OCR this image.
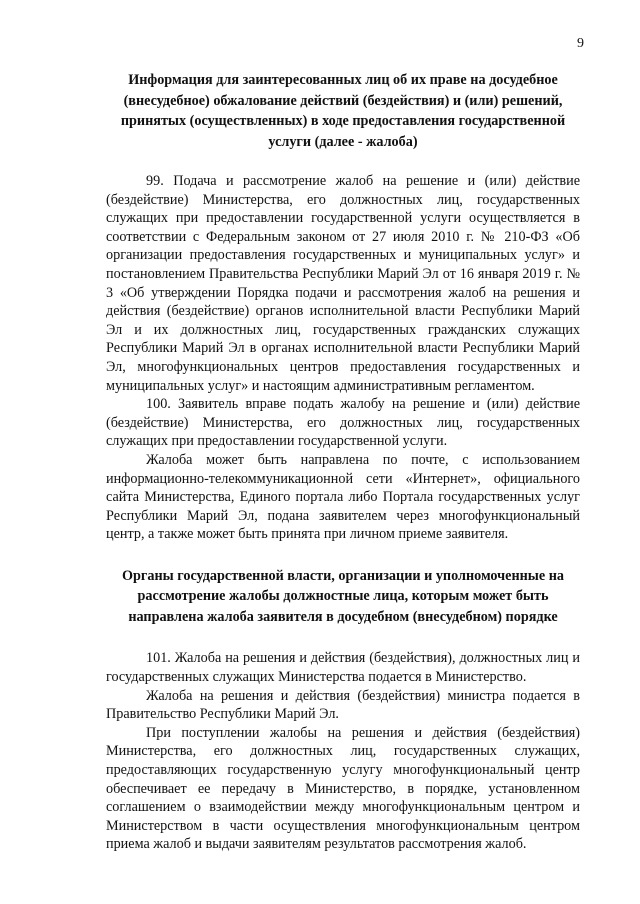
9
Информация для заинтересованных лиц об их праве на досудебное (внесудебное) обжалование действий (бездействия) и (или) решений, принятых (осуществленных) в ходе предоставления государственной услуги (далее - жалоба)

99. Подача и рассмотрение жалоб на решение и (или) действие (бездействие) Министерства, его должностных лиц, государственных служащих при предоставлении государственной услуги осуществляется в соответствии с Федеральным законом от 27 июля 2010 г. № 210-ФЗ «Об организации предоставления государственных и муниципальных услуг» и постановлением Правительства Республики Марий Эл от 16 января 2019 г. № 3 «Об утверждении Порядка подачи и рассмотрения жалоб на решения и действия (бездействие) органов исполнительной власти Республики Марий Эл и их должностных лиц, государственных гражданских служащих Республики Марий Эл в органах исполнительной власти Республики Марий Эл, многофункциональных центров предоставления государственных и муниципальных услуг» и настоящим административным регламентом.

100. Заявитель вправе подать жалобу на решение и (или) действие (бездействие) Министерства, его должностных лиц, государственных служащих при предоставлении государственной услуги.

Жалоба может быть направлена по почте, с использованием информационно-телекоммуникационной сети «Интернет», официального сайта Министерства, Единого портала либо Портала государственных услуг Республики Марий Эл, подана заявителем через многофункциональный центр, а также может быть принята при личном приеме заявителя.

Органы государственной власти, организации и уполномоченные на рассмотрение жалобы должностные лица, которым может быть направлена жалоба заявителя в досудебном (внесудебном) порядке

101. Жалоба на решения и действия (бездействия), должностных лиц и государственных служащих Министерства подается в Министерство.

Жалоба на решения и действия (бездействия) министра подается в Правительство Республики Марий Эл.

При поступлении жалобы на решения и действия (бездействия) Министерства, его должностных лиц, государственных служащих, предоставляющих государственную услугу многофункциональный центр обеспечивает ее передачу в Министерство, в порядке, установленном соглашением о взаимодействии между многофункциональным центром и Министерством в части осуществления многофункциональным центром приема жалоб и выдачи заявителям результатов рассмотрения жалоб.
